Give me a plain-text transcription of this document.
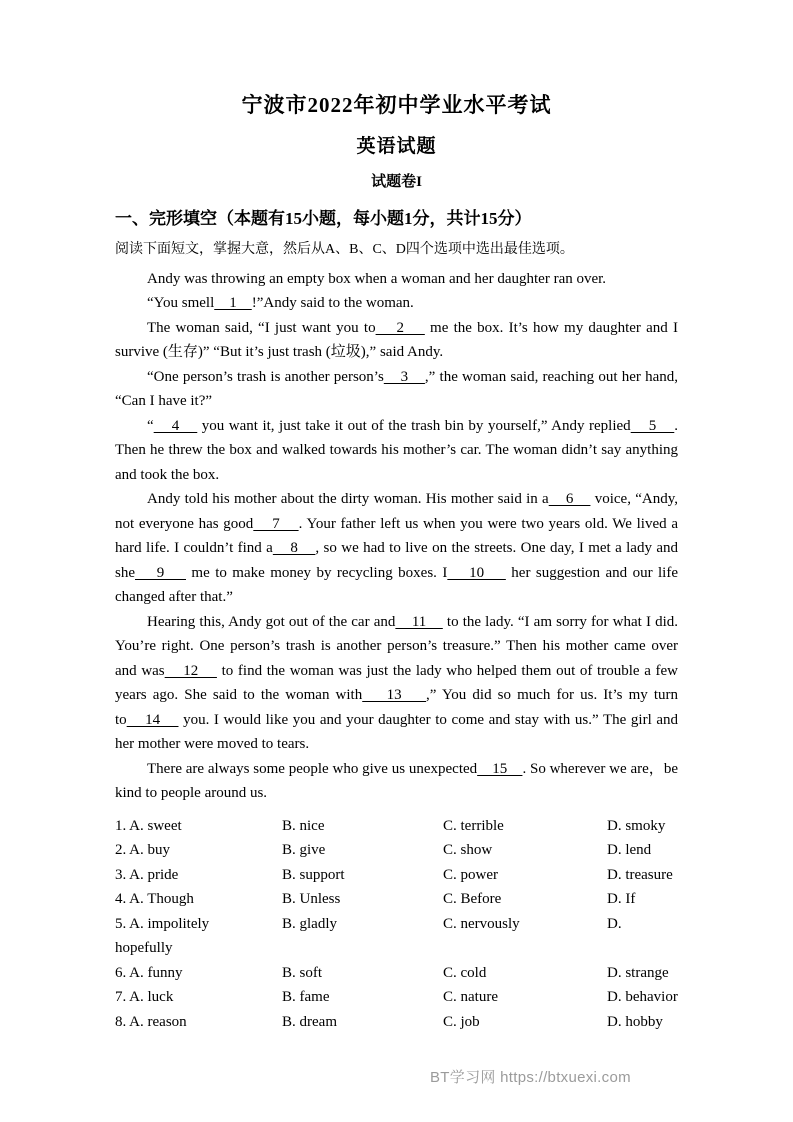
宁波市2022年初中学业水平考试
英语试题
试题卷I
一、完形填空（本题有15小题，每小题1分，共计15分）
阅读下面短文，掌握大意，然后从A、B、C、D四个选项中选出最佳选项。

Andy was throwing an empty box when a woman and her daughter ran over.

“You smell    1    !”Andy said to the woman.

The woman said, “I just want you to    2     me the box. It’s how my daughter and I survive (生存)” “But it’s just trash (垃圾),” said Andy.

“One person’s trash is another person’s    3    ,” the woman said, reaching out her hand, “Can I have it?”

“    4     you want it, just take it out of the trash bin by yourself,” Andy replied    5    . Then he threw the box and walked towards his mother’s car. The woman didn’t say anything and took the box.

Andy told his mother about the dirty woman. His mother said in a    6     voice, “Andy, not everyone has good    7    . Your father left us when you were two years old. We lived a hard life. I couldn’t find a    8    , so we had to live on the streets. One day, I met a lady and she    9     me to make money by recycling boxes. I    10     her suggestion and our life changed after that.”

Hearing this, Andy got out of the car and    11     to the lady. “I am sorry for what I did. You’re right. One person’s trash is another person’s treasure.” Then his mother came over and was    12     to find the woman was just the lady who helped them out of trouble a few years ago. She said to the woman with    13    ,” You did so much for us. It’s my turn to    14     you. I would like you and your daughter to come and stay with us.” The girl and her mother were moved to tears.

There are always some people who give us unexpected    15    . So wherever we are，be kind to people around us.

1. A. sweet	B. nice	C. terrible	D. smoky
2. A. buy	B. give	C. show	D. lend
3. A. pride	B. support	C. power	D. treasure
4. A. Though	B. Unless	C. Before	D. If
5. A. impolitely	B. gladly	C. nervously	D.
hopefully
6. A. funny	B. soft	C. cold	D. strange
7. A. luck	B. fame	C. nature	D. behavior
8. A. reason	B. dream	C. job	D. hobby
BT学习网 https://btxuexi.com
